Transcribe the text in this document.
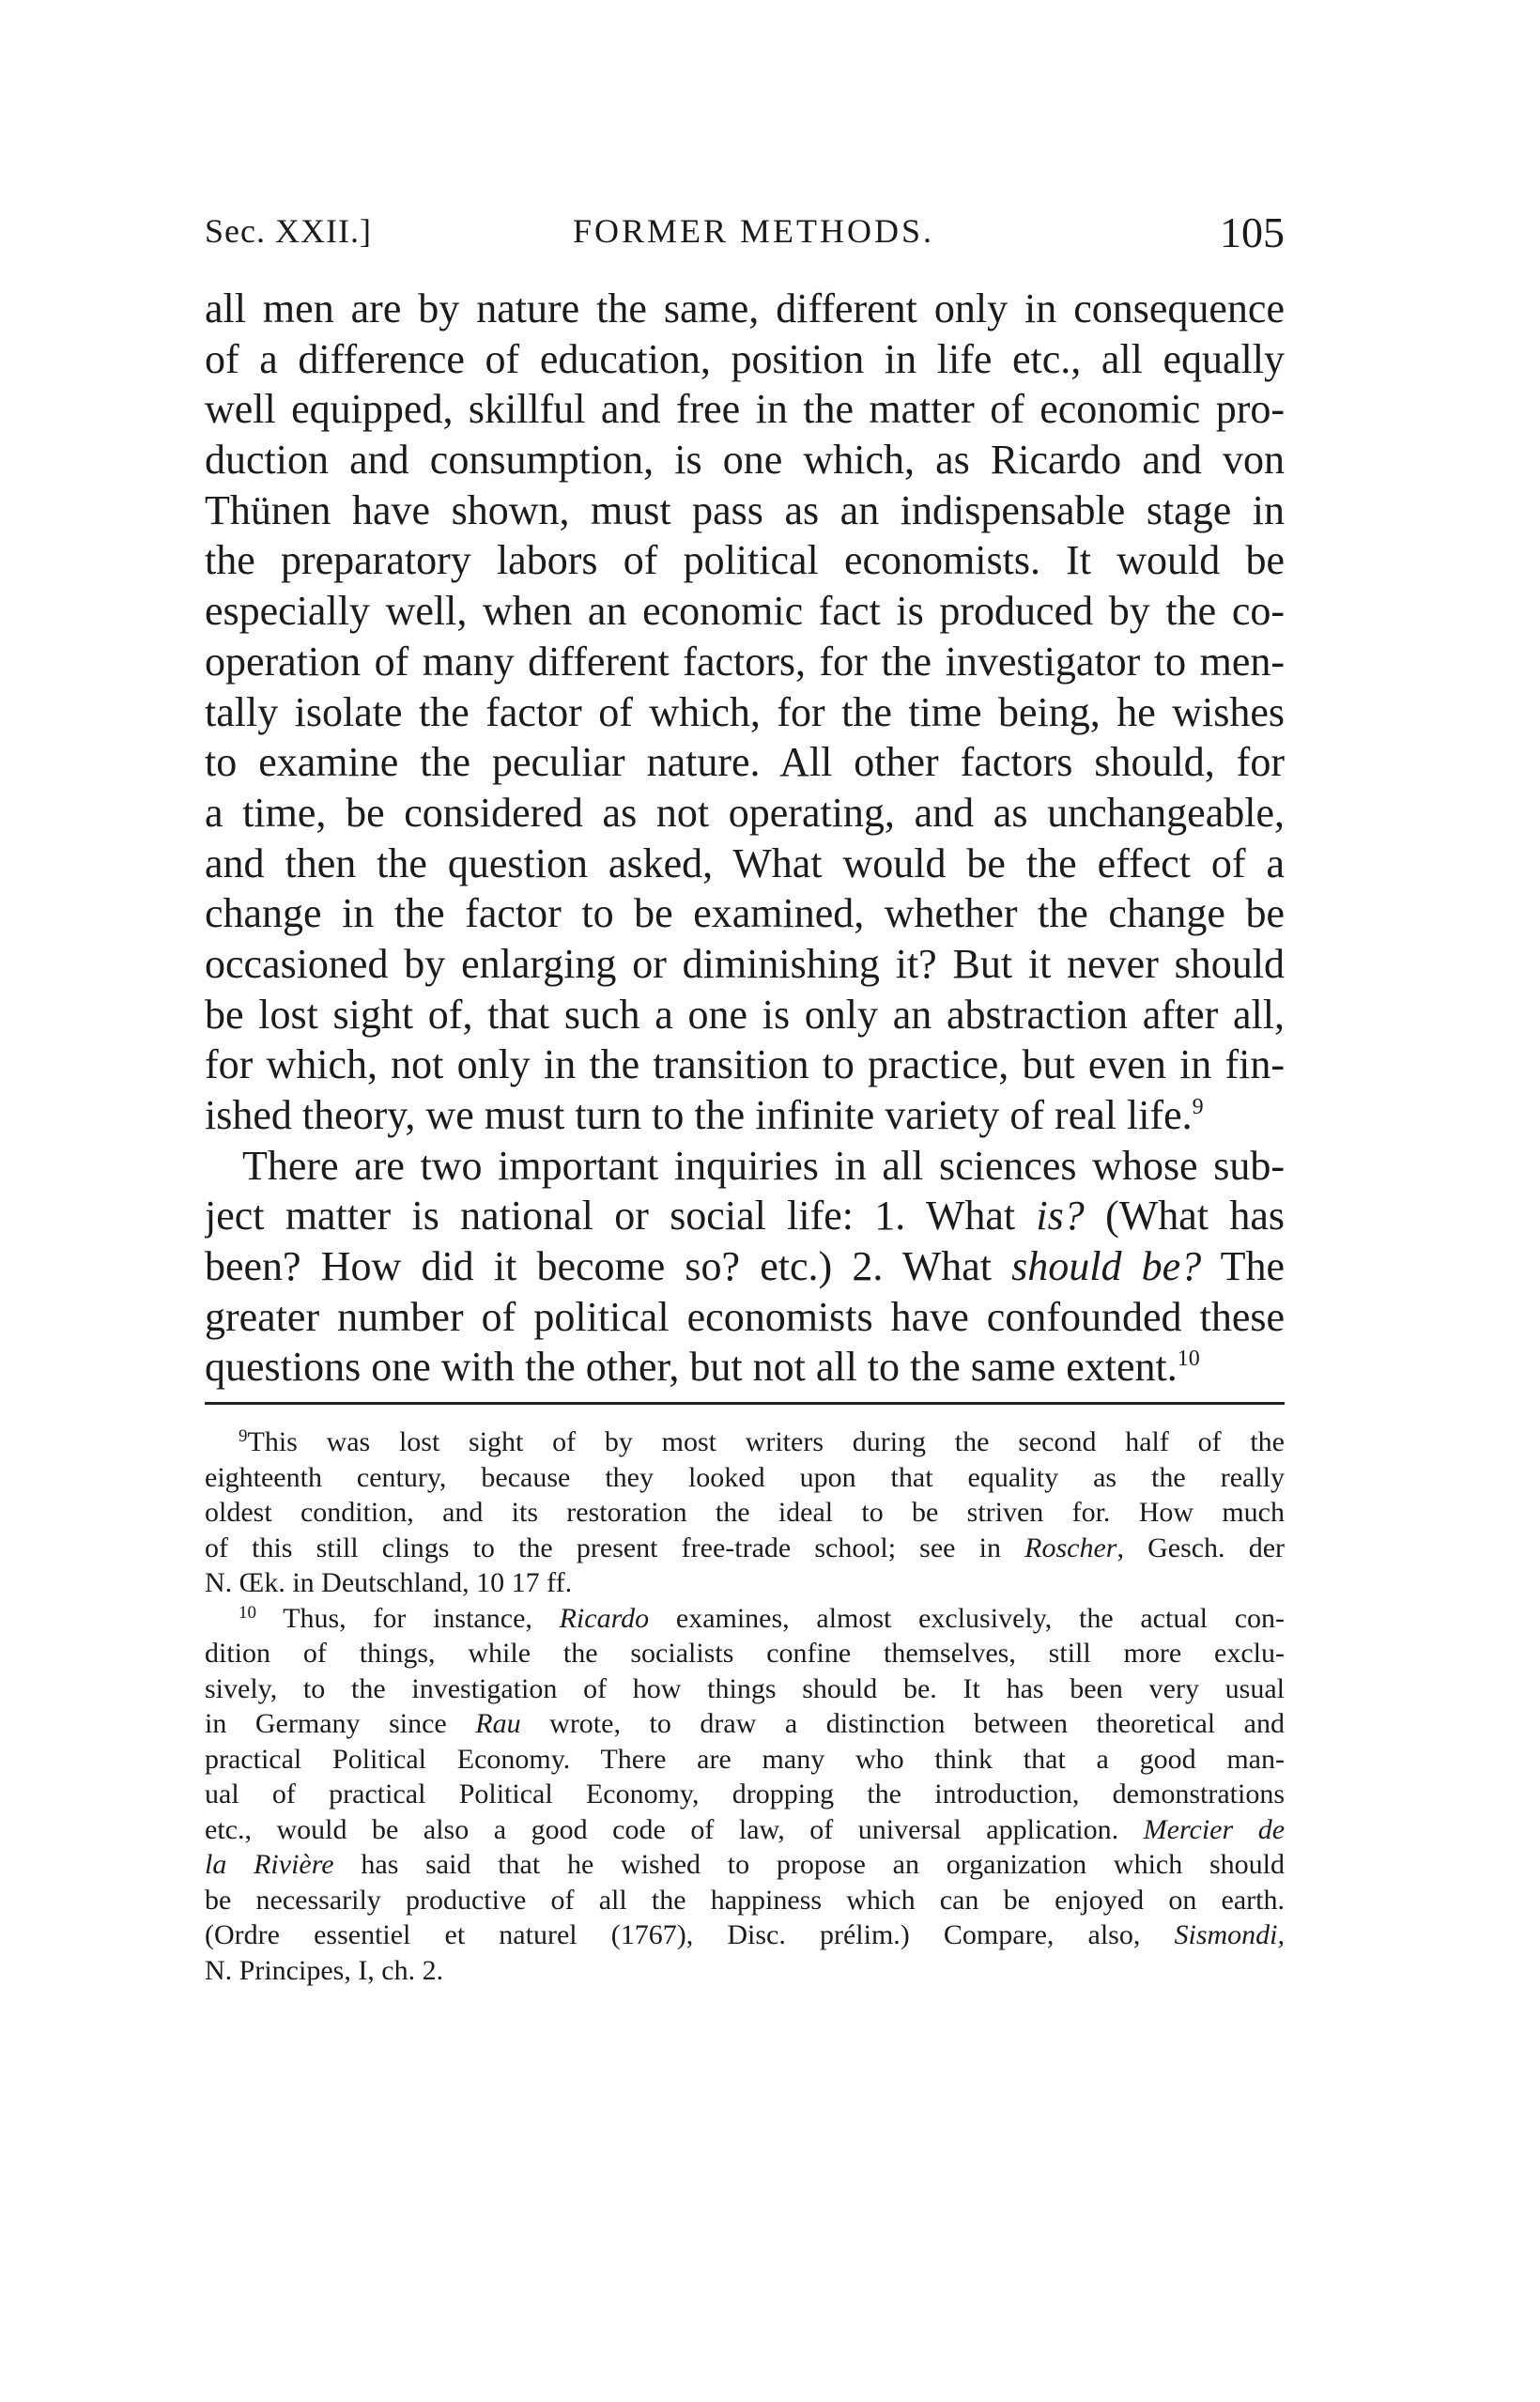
Sec. XXII.]	FORMER METHODS.	105
all men are by nature the same, different only in consequence
of a difference of education, position in life etc., all equally
well equipped, skillful and free in the matter of economic pro-
duction and consumption, is one which, as Ricardo and von
Thünen have shown, must pass as an indispensable stage in
the preparatory labors of political economists. It would be
especially well, when an economic fact is produced by the co-
operation of many different factors, for the investigator to men-
tally isolate the factor of which, for the time being, he wishes
to examine the peculiar nature. All other factors should, for
a time, be considered as not operating, and as unchangeable,
and then the question asked, What would be the effect of a
change in the factor to be examined, whether the change be
occasioned by enlarging or diminishing it? But it never should
be lost sight of, that such a one is only an abstraction after all,
for which, not only in the transition to practice, but even in fin-
ished theory, we must turn to the infinite variety of real life.$^9$
There are two important inquiries in all sciences whose sub-
ject matter is national or social life: 1. What is? (What has
been? How did it become so? etc.) 2. What should be? The
greater number of political economists have confounded these
questions one with the other, but not all to the same extent.$^{10}$
$^9$This was lost sight of by most writers during the second half of the
eighteenth century, because they looked upon that equality as the really
oldest condition, and its restoration the ideal to be striven for. How much
of this still clings to the present free-trade school; see in Roscher, Gesch. der
N. Œk. in Deutschland, 10 17 ff.
$^{10}$ Thus, for instance, Ricardo examines, almost exclusively, the actual con-
dition of things, while the socialists confine themselves, still more exclu-
sively, to the investigation of how things should be. It has been very usual
in Germany since Rau wrote, to draw a distinction between theoretical and
practical Political Economy. There are many who think that a good man-
ual of practical Political Economy, dropping the introduction, demonstrations
etc., would be also a good code of law, of universal application. Mercier de
la Rivière has said that he wished to propose an organization which should
be necessarily productive of all the happiness which can be enjoyed on earth.
(Ordre essentiel et naturel (1767), Disc. prélim.) Compare, also, Sismondi,
N. Principes, I, ch. 2.
